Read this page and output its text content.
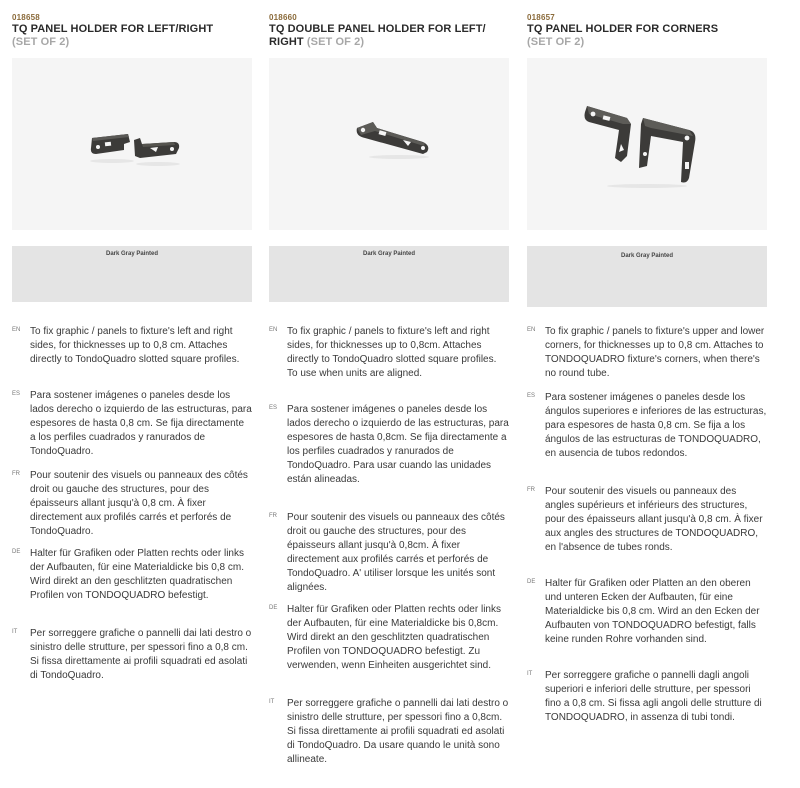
018658
TQ PANEL HOLDER FOR LEFT/RIGHT
(SET OF 2)
Dark Gray Painted
EN To fix graphic / panels to fixture's left and right sides, for thicknesses up to 0,8 cm. Attaches directly to TondoQuadro slotted square profiles.
ES Para sostener imágenes o paneles desde los lados derecho o izquierdo de las estructuras, para espesores de hasta 0,8 cm. Se fija directamente a los perfiles cuadrados y ranurados de TondoQuadro.
FR Pour soutenir des visuels ou panneaux des côtés droit ou gauche des structures, pour des épaisseurs allant jusqu'à 0,8 cm. À fixer directement aux profilés carrés et perforés de TondoQuadro.
DE Halter für Grafiken oder Platten rechts oder links der Aufbauten, für eine Materialdicke bis 0,8 cm. Wird direkt an den geschlitzten quadratischen Profilen von TONDOQUADRO befestigt.
IT Per sorreggere grafiche o pannelli dai lati destro o sinistro delle strutture, per spessori fino a 0,8 cm. Si fissa direttamente ai profili squadrati ed asolati di TondoQuadro.
018660
TQ DOUBLE PANEL HOLDER FOR LEFT/ RIGHT (SET OF 2)
Dark Gray Painted
EN To fix graphic / panels to fixture's left and right sides, for thicknesses up to 0,8cm. Attaches directly to TondoQuadro slotted square profiles. To use when units are aligned.
ES Para sostener imágenes o paneles desde los lados derecho o izquierdo de las estructuras, para espesores de hasta 0,8cm. Se fija directamente a los perfiles cuadrados y ranurados de TondoQuadro. Para usar cuando las unidades están alineadas.
FR Pour soutenir des visuels ou panneaux des côtés droit ou gauche des structures, pour des épaisseurs allant jusqu'à 0,8cm. À fixer directement aux profilés carrés et perforés de TondoQuadro. A' utiliser lorsque les unités sont alignées.
DE Halter für Grafiken oder Platten rechts oder links der Aufbauten, für eine Materialdicke bis 0,8cm. Wird direkt an den geschlitzten quadratischen Profilen von TONDOQUADRO befestigt. Zu verwenden, wenn Einheiten ausgerichtet sind.
IT Per sorreggere grafiche o pannelli dai lati destro o sinistro delle strutture, per spessori fino a 0,8cm. Si fissa direttamente ai profili squadrati ed asolati di TondoQuadro. Da usare quando le unità sono allineate.
018657
TQ PANEL HOLDER FOR CORNERS
(SET OF 2)
Dark Gray Painted
EN To fix graphic / panels to fixture's upper and lower corners, for thicknesses up to 0,8 cm. Attaches to TONDOQUADRO fixture's corners, when there's no round tube.
ES Para sostener imágenes o paneles desde los ángulos superiores e inferiores de las estructuras, para espesores de hasta 0,8 cm. Se fija a los ángulos de las estructuras de TONDOQUADRO, en ausencia de tubos redondos.
FR Pour soutenir des visuels ou panneaux des angles supérieurs et inférieurs des structures, pour des épaisseurs allant jusqu'à 0,8 cm. À fixer aux angles des structures de TONDOQUADRO, en l'absence de tubes ronds.
DE Halter für Grafiken oder Platten an den oberen und unteren Ecken der Aufbauten, für eine Materialdicke bis 0,8 cm. Wird an den Ecken der Aufbauten von TONDOQUADRO befestigt, falls keine runden Rohre vorhanden sind.
IT Per sorreggere grafiche o pannelli dagli angoli superiori e inferiori delle strutture, per spessori fino a 0,8 cm. Si fissa agli angoli delle strutture di TONDOQUADRO, in assenza di tubi tondi.
